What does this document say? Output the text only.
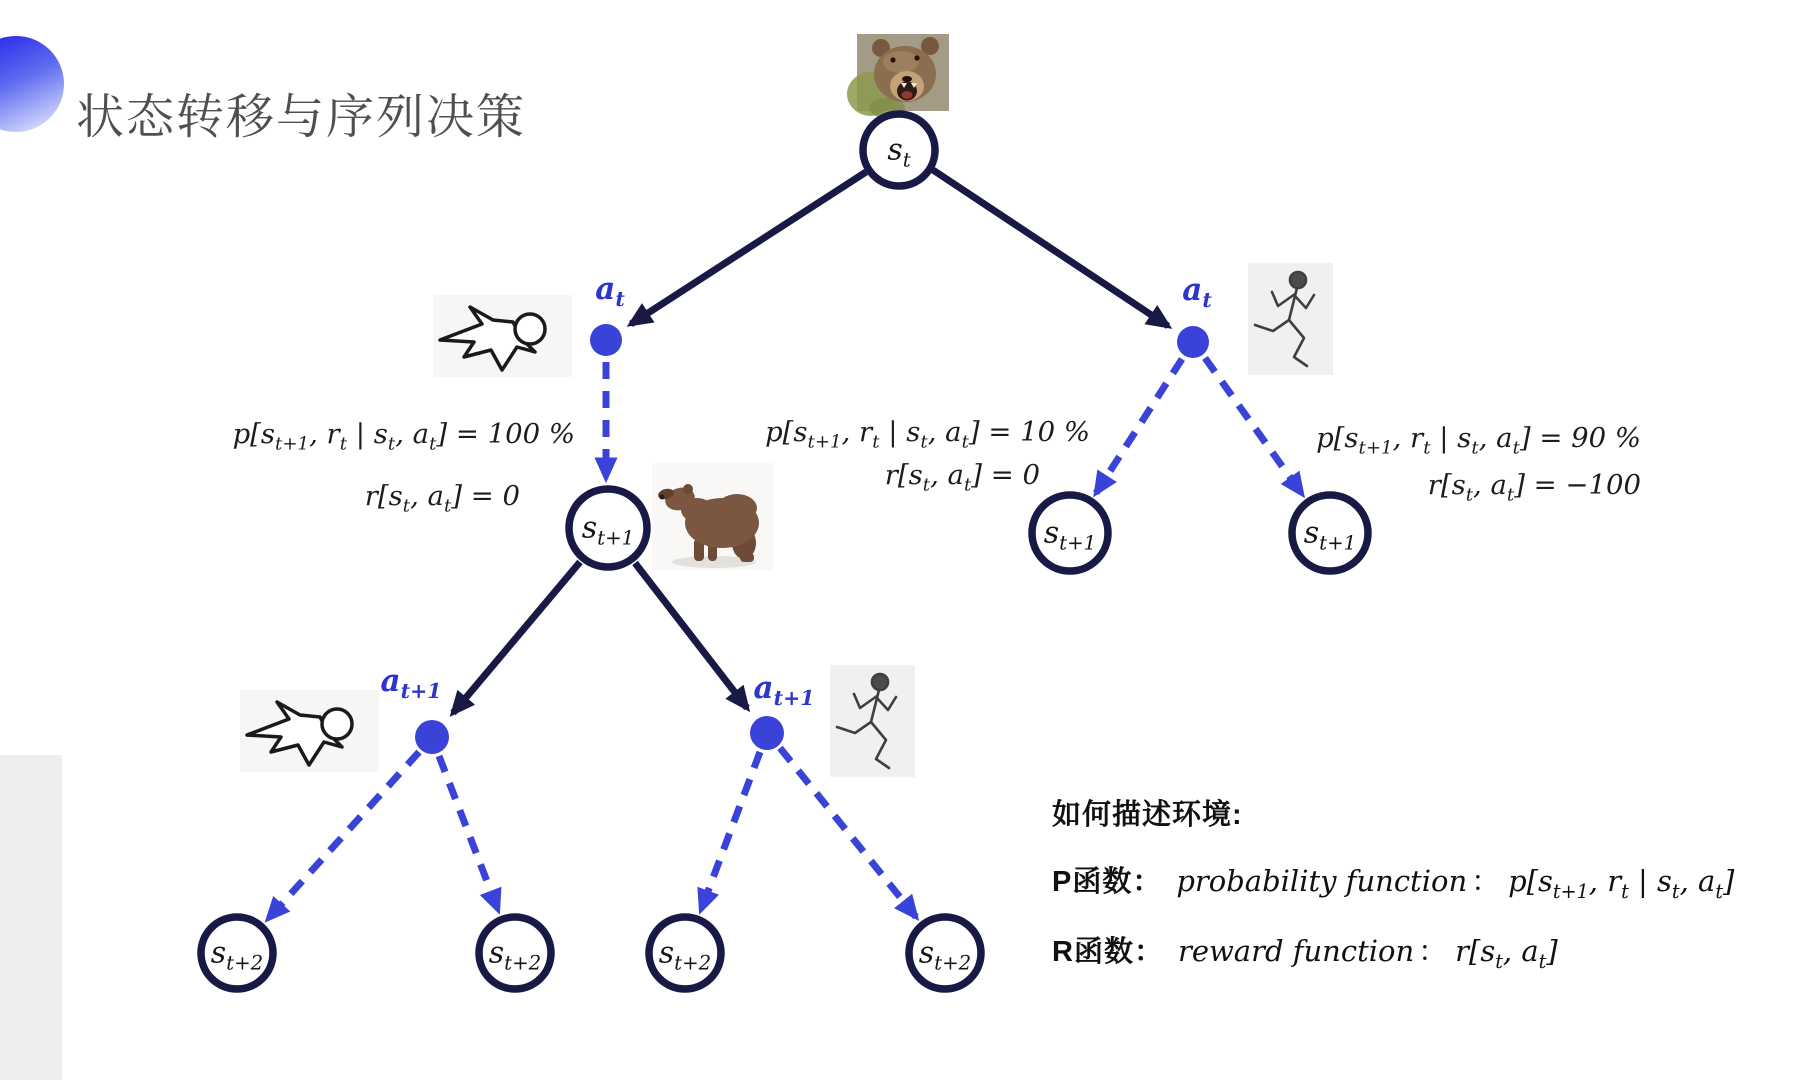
状态转移与序列决策
$s_t$
$s_{t+1}$	$s_{t+1}$	$s_{t+1}$
$s_{t+2}$	$s_{t+2}$	$s_{t+2}$	$s_{t+2}$
$a_t$	$a_t$
$a_{t+1}$	$a_{t+1}$
$p[s_{t+1}$, $r_t$ | $s_t$, $a_t] = 100$ %
$r[s_t$, $a_t] = 0$
$p[s_{t+1}$, $r_t$ | $s_t$, $a_t] = 10$ %
$r[s_t$, $a_t] = 0$
$p[s_{t+1}$, $r_t$ | $s_t$, $a_t] = 90$ %
$r[s_t$, $a_t] = -100$
如何描述环境:
P函数： probability function ： $p[s_{t+1}$, $r_t$ | $s_t$, $a_t$]
R函数： reward function ： $r[s_t$, $a_t$]
